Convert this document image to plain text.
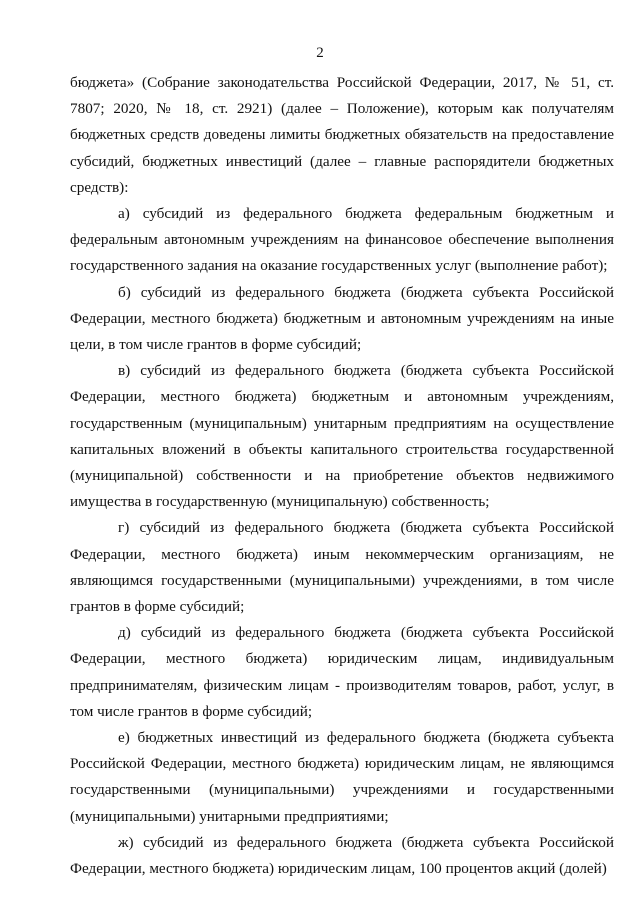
2

бюджета» (Собрание законодательства Российской Федерации, 2017, № 51, ст. 7807; 2020, № 18, ст. 2921) (далее – Положение), которым как получателям бюджетных средств доведены лимиты бюджетных обязательств на предоставление субсидий, бюджетных инвестиций (далее – главные распорядители бюджетных средств):

а) субсидий из федерального бюджета федеральным бюджетным и федеральным автономным учреждениям на финансовое обеспечение выполнения государственного задания на оказание государственных услуг (выполнение работ);

б) субсидий из федерального бюджета (бюджета субъекта Российской Федерации, местного бюджета) бюджетным и автономным учреждениям на иные цели, в том числе грантов в форме субсидий;

в) субсидий из федерального бюджета (бюджета субъекта Российской Федерации, местного бюджета) бюджетным и автономным учреждениям, государственным (муниципальным) унитарным предприятиям на осуществление капитальных вложений в объекты капитального строительства государственной (муниципальной) собственности и на приобретение объектов недвижимого имущества в государственную (муниципальную) собственность;

г) субсидий из федерального бюджета (бюджета субъекта Российской Федерации, местного бюджета) иным некоммерческим организациям, не являющимся государственными (муниципальными) учреждениями, в том числе грантов в форме субсидий;

д) субсидий из федерального бюджета (бюджета субъекта Российской Федерации, местного бюджета) юридическим лицам, индивидуальным предпринимателям, физическим лицам - производителям товаров, работ, услуг, в том числе грантов в форме субсидий;

е) бюджетных инвестиций из федерального бюджета (бюджета субъекта Российской Федерации, местного бюджета) юридическим лицам, не являющимся государственными (муниципальными) учреждениями и государственными (муниципальными) унитарными предприятиями;

ж) субсидий из федерального бюджета (бюджета субъекта Российской Федерации, местного бюджета) юридическим лицам, 100 процентов акций (долей)
